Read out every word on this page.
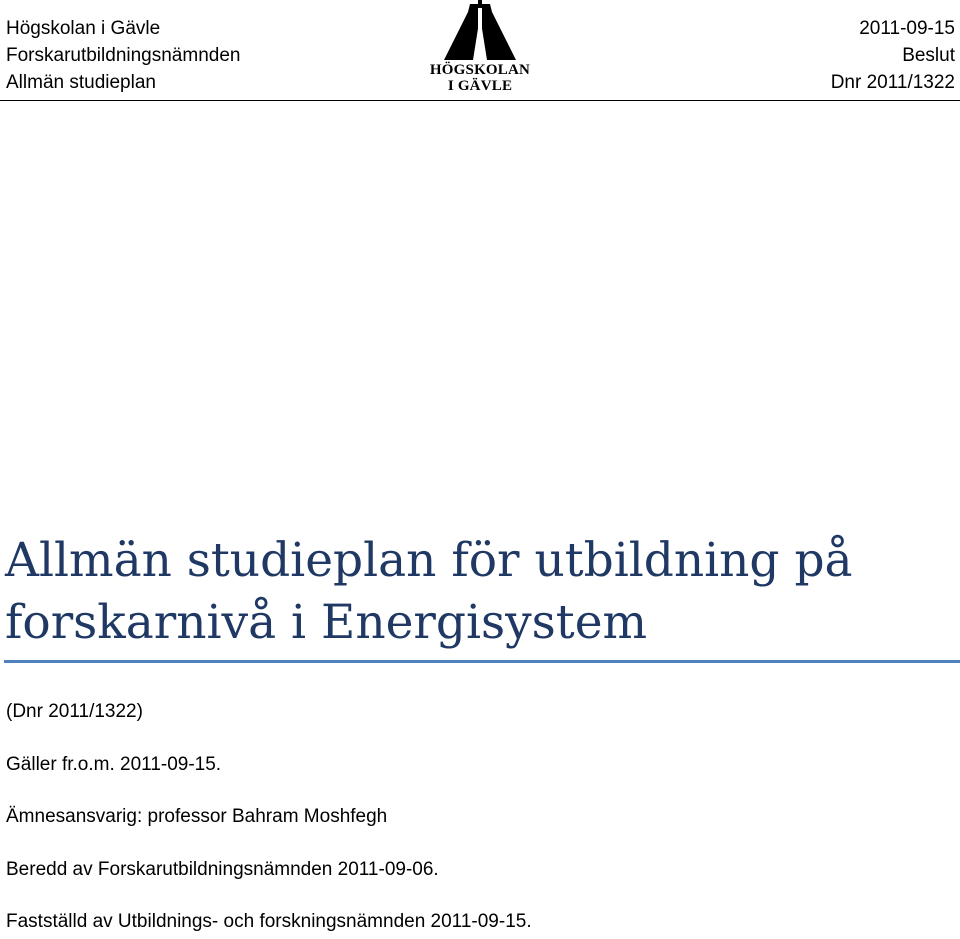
Högskolan i Gävle
Forskarutbildningsnämnden
Allmän studieplan
HÖGSKOLAN
I GÄVLE
2011-09-15
Beslut
Dnr 2011/1322
Allmän studieplan för utbildning på
forskarnivå i Energisystem
(Dnr 2011/1322)
Gäller fr.o.m. 2011-09-15.
Ämnesansvarig: professor Bahram Moshfegh
Beredd av Forskarutbildningsnämnden 2011-09-06.
Fastställd av Utbildnings- och forskningsnämnden 2011-09-15.
